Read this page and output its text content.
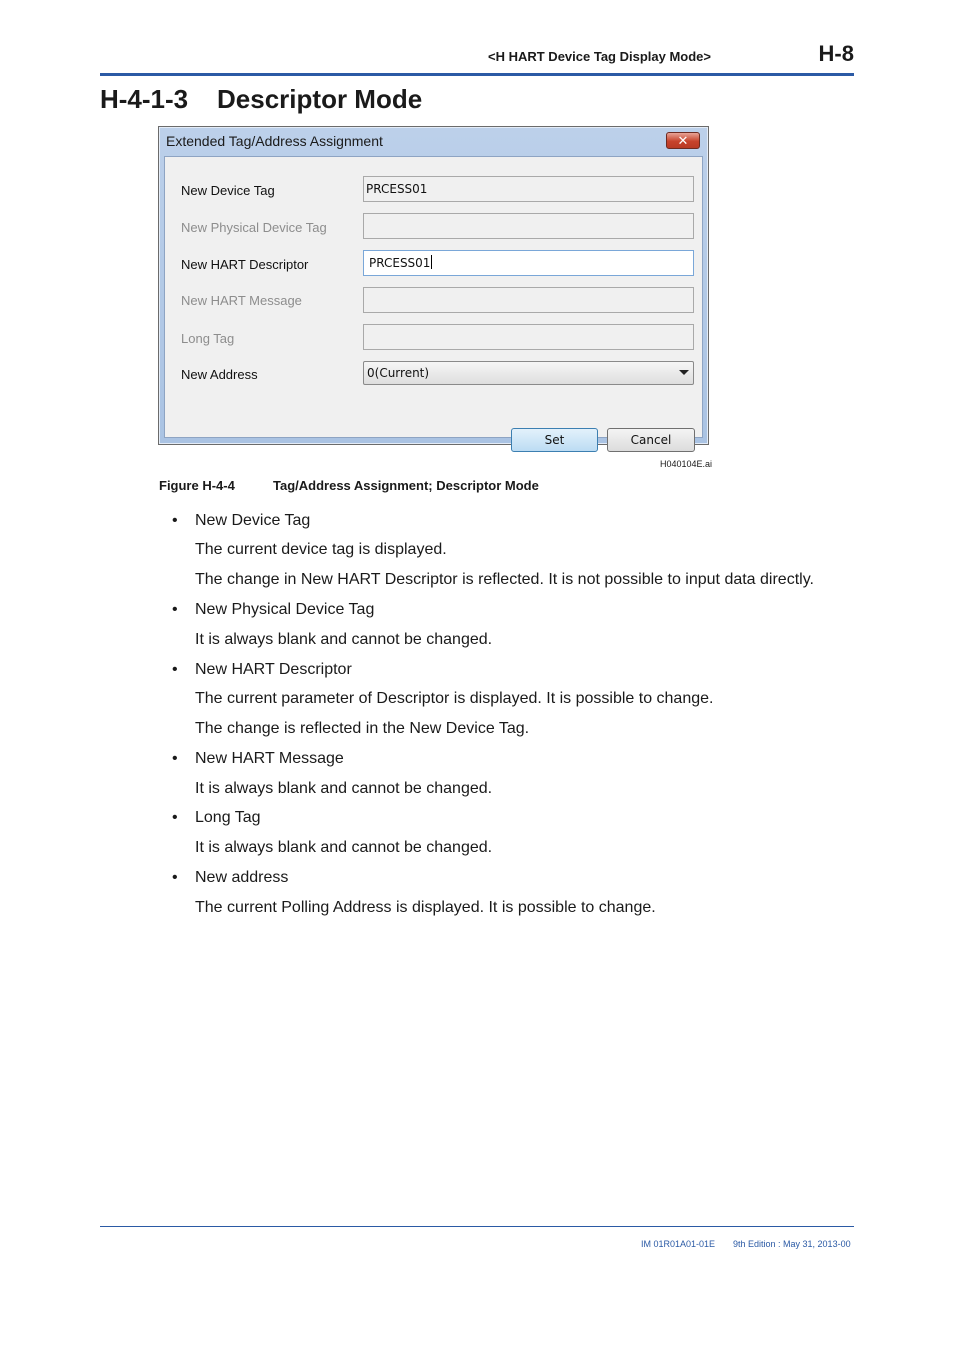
<H HART Device Tag Display Mode>	H-8
H-4-1-3    Descriptor Mode
Extended Tag/Address Assignment	✕
New Device Tag	PRCESS01
New Physical Device Tag
New HART Descriptor	PRCESS01
New HART Message
Long Tag
New Address	0(Current)
Set	Cancel
H040104E.ai
Figure H-4-4	Tag/Address Assignment; Descriptor Mode
• New Device Tag
The current device tag is displayed.
The change in New HART Descriptor is reflected. It is not possible to input data directly.
• New Physical Device Tag
It is always blank and cannot be changed.
• New HART Descriptor
The current parameter of Descriptor is displayed. It is possible to change.
The change is reflected in the New Device Tag.
• New HART Message
It is always blank and cannot be changed.
• Long Tag
It is always blank and cannot be changed.
• New address
The current Polling Address is displayed. It is possible to change.
IM 01R01A01-01E 9th Edition : May 31, 2013-00
